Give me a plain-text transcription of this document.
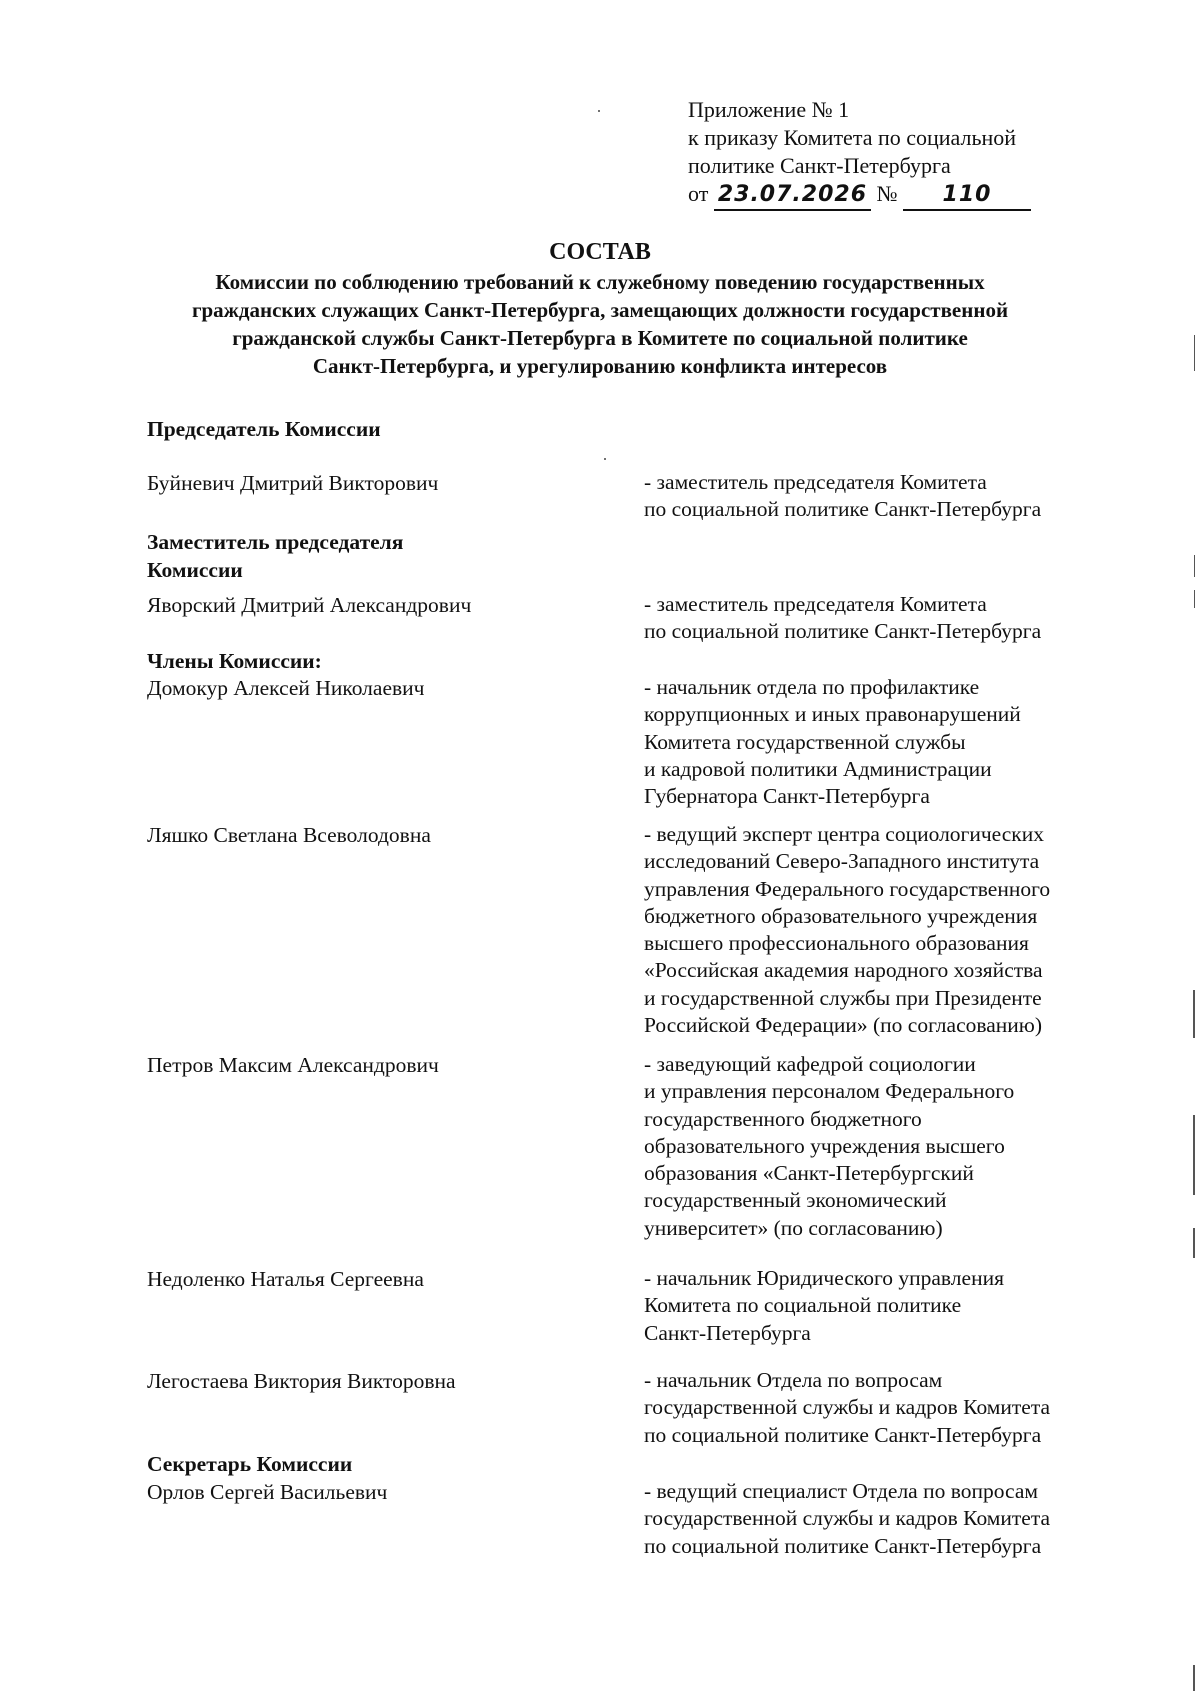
Приложение № 1
к приказу Комитета по социальной
политике Санкт-Петербурга
от 23.07.2026 № 110
СОСТАВ
Комиссии по соблюдению требований к служебному поведению государственных
гражданских служащих Санкт-Петербурга, замещающих должности государственной
гражданской службы Санкт-Петербурга в Комитете по социальной политике
Санкт-Петербурга, и урегулированию конфликта интересов
Председатель Комиссии
Буйневич Дмитрий Викторович	- заместитель председателя Комитета
по социальной политике Санкт-Петербурга
Заместитель председателя
Комиссии
Яворский Дмитрий Александрович	- заместитель председателя Комитета
по социальной политике Санкт-Петербурга
Члены Комиссии:
Домокур Алексей Николаевич	- начальник отдела по профилактике
коррупционных и иных правонарушений
Комитета государственной службы
и кадровой политики Администрации
Губернатора Санкт-Петербурга
Ляшко Светлана Всеволодовна	- ведущий эксперт центра социологических
исследований Северо-Западного института
управления Федерального государственного
бюджетного образовательного учреждения
высшего профессионального образования
«Российская академия народного хозяйства
и государственной службы при Президенте
Российской Федерации» (по согласованию)
Петров Максим Александрович	- заведующий кафедрой социологии
и управления персоналом Федерального
государственного бюджетного
образовательного учреждения высшего
образования «Санкт-Петербургский
государственный экономический
университет» (по согласованию)
Недоленко Наталья Сергеевна	- начальник Юридического управления
Комитета по социальной политике
Санкт-Петербурга
Легостаева Виктория Викторовна	- начальник Отдела по вопросам
государственной службы и кадров Комитета
по социальной политике Санкт-Петербурга
Секретарь Комиссии
Орлов Сергей Васильевич	- ведущий специалист Отдела по вопросам
государственной службы и кадров Комитета
по социальной политике Санкт-Петербурга
